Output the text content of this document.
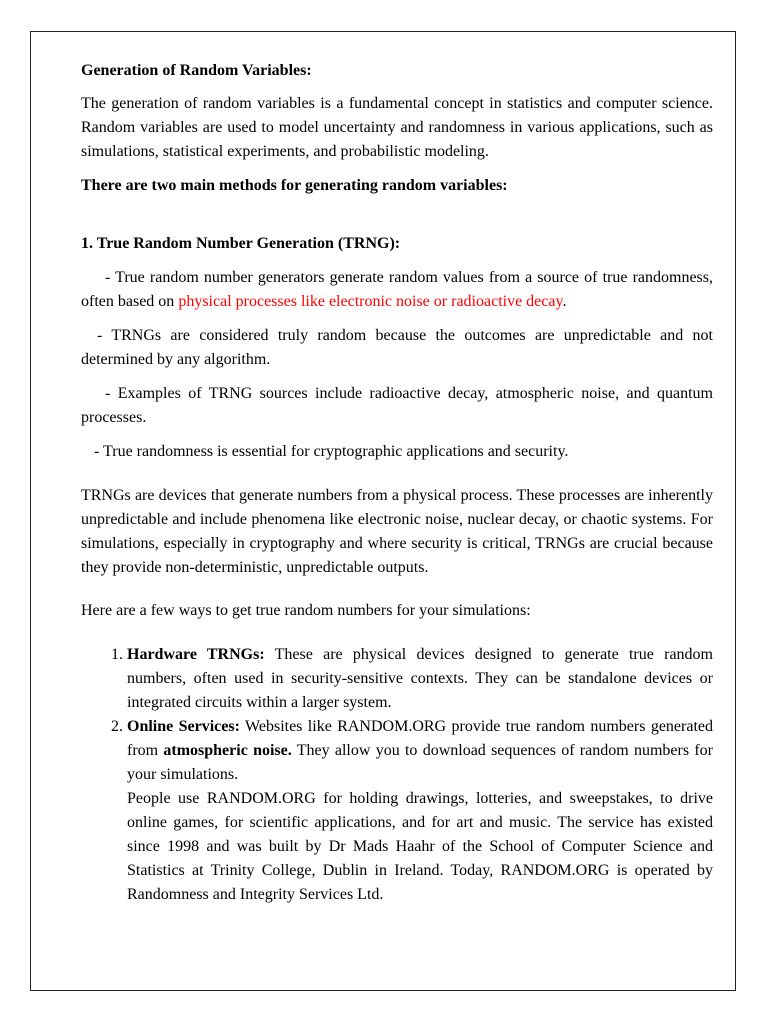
Generation of Random Variables:

The generation of random variables is a fundamental concept in statistics and computer science. Random variables are used to model uncertainty and randomness in various applications, such as simulations, statistical experiments, and probabilistic modeling.

There are two main methods for generating random variables:

1. True Random Number Generation (TRNG):

- True random number generators generate random values from a source of true randomness, often based on physical processes like electronic noise or radioactive decay.

- TRNGs are considered truly random because the outcomes are unpredictable and not determined by any algorithm.

- Examples of TRNG sources include radioactive decay, atmospheric noise, and quantum processes.

- True randomness is essential for cryptographic applications and security.

TRNGs are devices that generate numbers from a physical process. These processes are inherently unpredictable and include phenomena like electronic noise, nuclear decay, or chaotic systems. For simulations, especially in cryptography and where security is critical, TRNGs are crucial because they provide non-deterministic, unpredictable outputs.

Here are a few ways to get true random numbers for your simulations:

1. Hardware TRNGs: These are physical devices designed to generate true random numbers, often used in security-sensitive contexts. They can be standalone devices or integrated circuits within a larger system.
2. Online Services: Websites like RANDOM.ORG provide true random numbers generated from atmospheric noise. They allow you to download sequences of random numbers for your simulations.
People use RANDOM.ORG for holding drawings, lotteries, and sweepstakes, to drive online games, for scientific applications, and for art and music. The service has existed since 1998 and was built by Dr Mads Haahr of the School of Computer Science and Statistics at Trinity College, Dublin in Ireland. Today, RANDOM.ORG is operated by Randomness and Integrity Services Ltd.
